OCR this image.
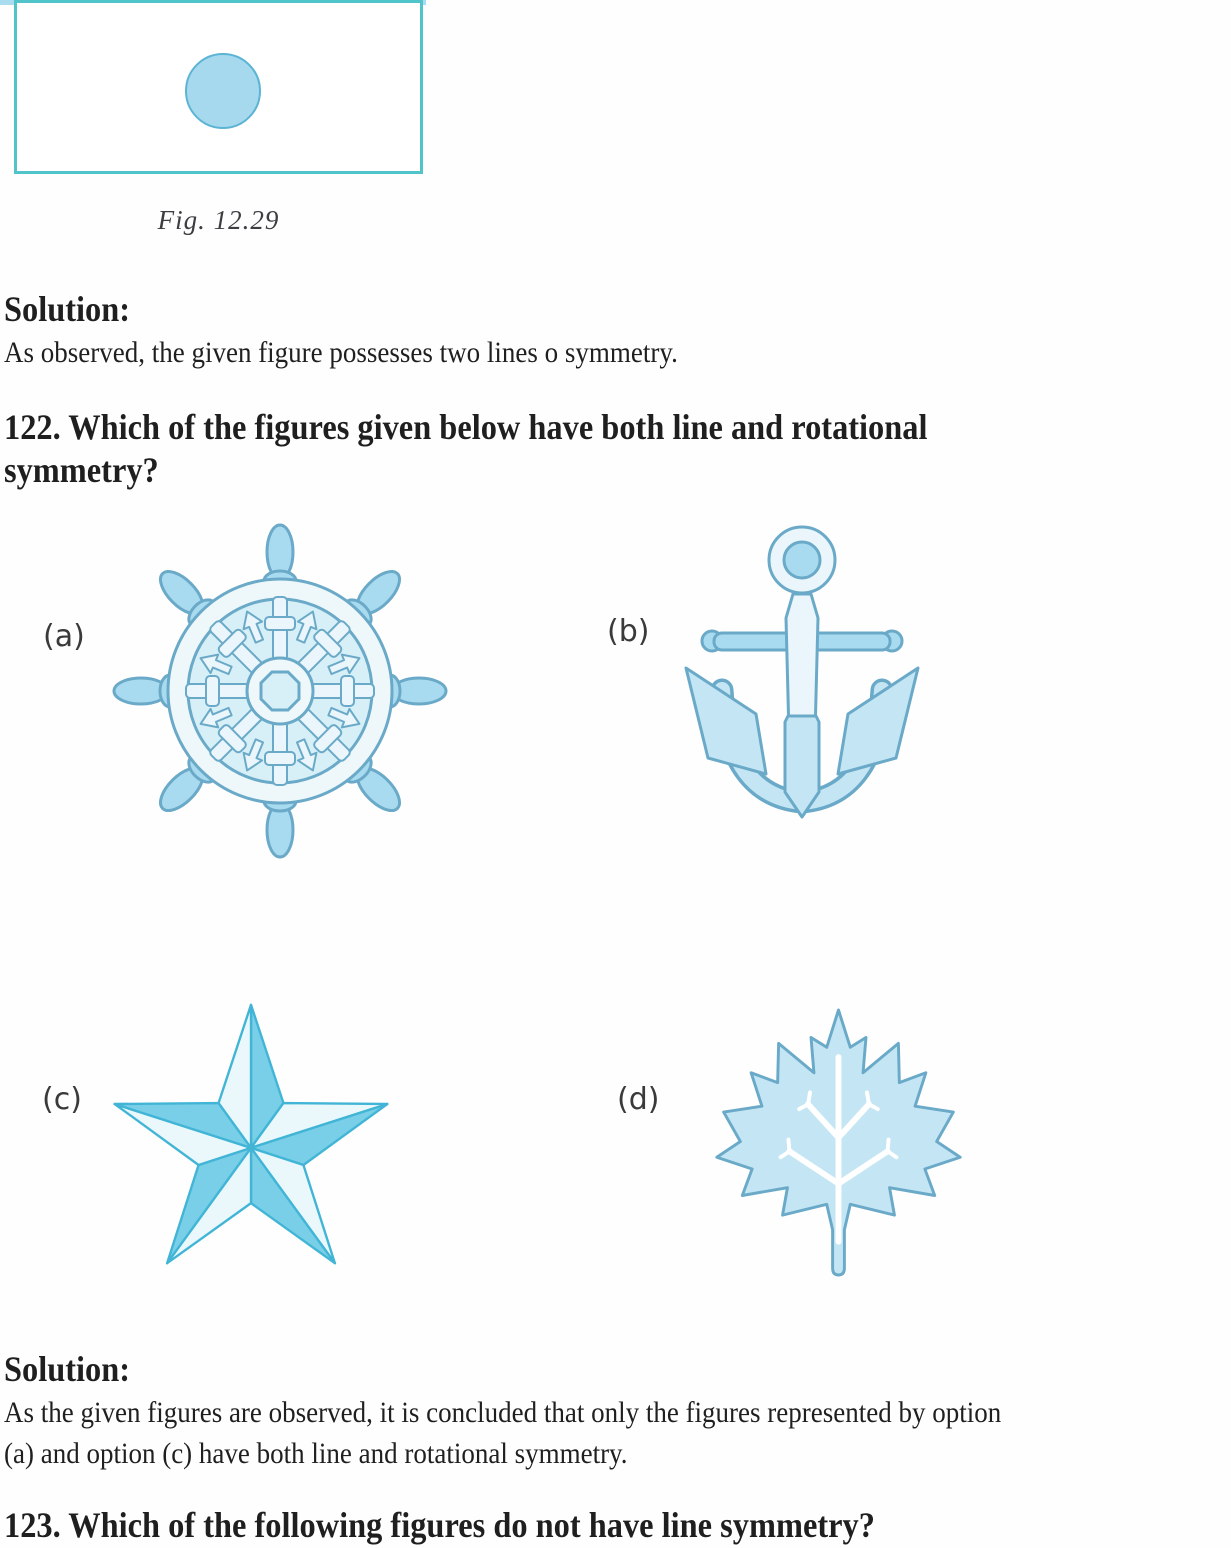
Fig. 12.29
Solution:
As observed, the given figure possesses two lines o symmetry.
122. Which of the figures given below have both line and rotational
symmetry?
(a)	(b)
(c)	(d)
Solution:
As the given figures are observed, it is concluded that only the figures represented by option
(a) and option (c) have both line and rotational symmetry.
123. Which of the following figures do not have line symmetry?
